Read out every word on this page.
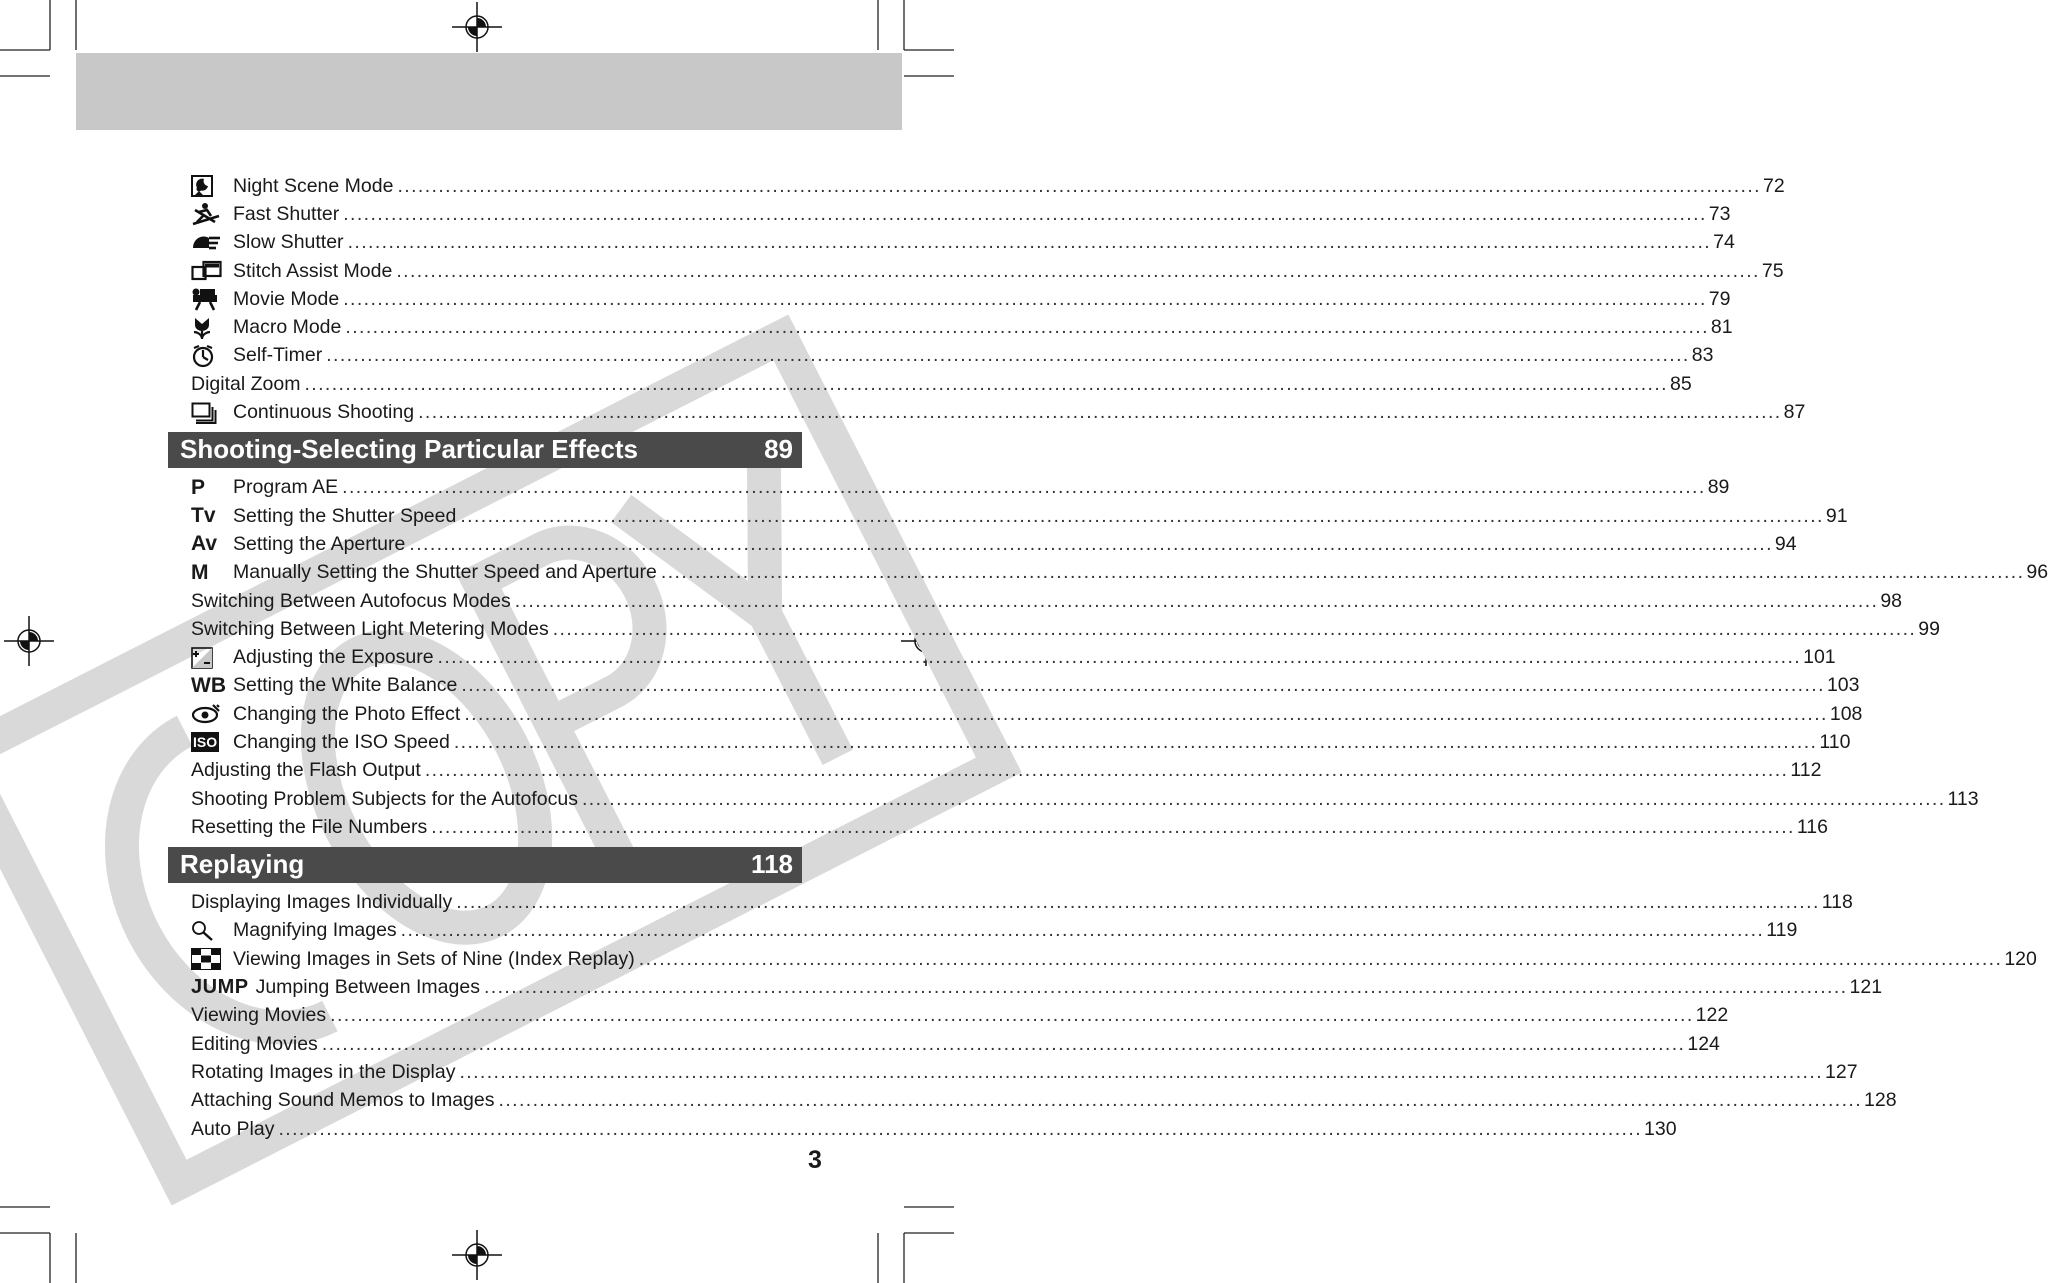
Night Scene Mode ........................................................................................................................................................................................................ 72
Fast Shutter ........................................................................................................................................................................................................ 73
Slow Shutter ........................................................................................................................................................................................................ 74
Stitch Assist Mode ........................................................................................................................................................................................................ 75
Movie Mode ........................................................................................................................................................................................................ 79
Macro Mode ........................................................................................................................................................................................................ 81
Self-Timer ........................................................................................................................................................................................................ 83
Digital Zoom ........................................................................................................................................................................................................ 85
Continuous Shooting ........................................................................................................................................................................................................ 87
Shooting-Selecting Particular Effects	89
P Program AE ........................................................................................................................................................................................................ 89
Tv Setting the Shutter Speed ........................................................................................................................................................................................................ 91
Av Setting the Aperture ........................................................................................................................................................................................................ 94
M Manually Setting the Shutter Speed and Aperture ........................................................................................................................................................................................................ 96
Switching Between Autofocus Modes ........................................................................................................................................................................................................ 98
Switching Between Light Metering Modes ........................................................................................................................................................................................................ 99
Adjusting the Exposure ........................................................................................................................................................................................................ 101
WB Setting the White Balance ........................................................................................................................................................................................................ 103
Changing the Photo Effect ........................................................................................................................................................................................................ 108
ISO Changing the ISO Speed ........................................................................................................................................................................................................ 110
Adjusting the Flash Output ........................................................................................................................................................................................................ 112
Shooting Problem Subjects for the Autofocus ........................................................................................................................................................................................................ 113
Resetting the File Numbers ........................................................................................................................................................................................................ 116
Replaying	118
Displaying Images Individually ........................................................................................................................................................................................................ 118
Magnifying Images ........................................................................................................................................................................................................ 119
Viewing Images in Sets of Nine (Index Replay) ........................................................................................................................................................................................................ 120
JUMP Jumping Between Images ........................................................................................................................................................................................................ 121
Viewing Movies ........................................................................................................................................................................................................ 122
Editing Movies ........................................................................................................................................................................................................ 124
Rotating Images in the Display ........................................................................................................................................................................................................ 127
Attaching Sound Memos to Images ........................................................................................................................................................................................................ 128
Auto Play ........................................................................................................................................................................................................ 130
3
